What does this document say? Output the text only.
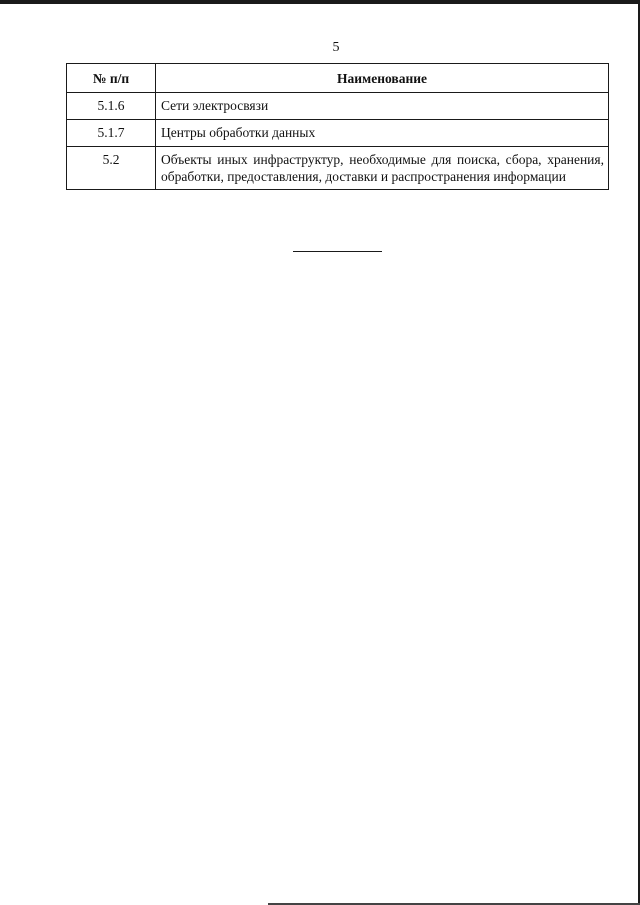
5
№ п/п	Наименование
5.1.6	Сети электросвязи
5.1.7	Центры обработки данных
5.2	Объекты иных инфраструктур, необходимые для поиска, сбора, хранения, обработки, предоставления, доставки и распространения информации
